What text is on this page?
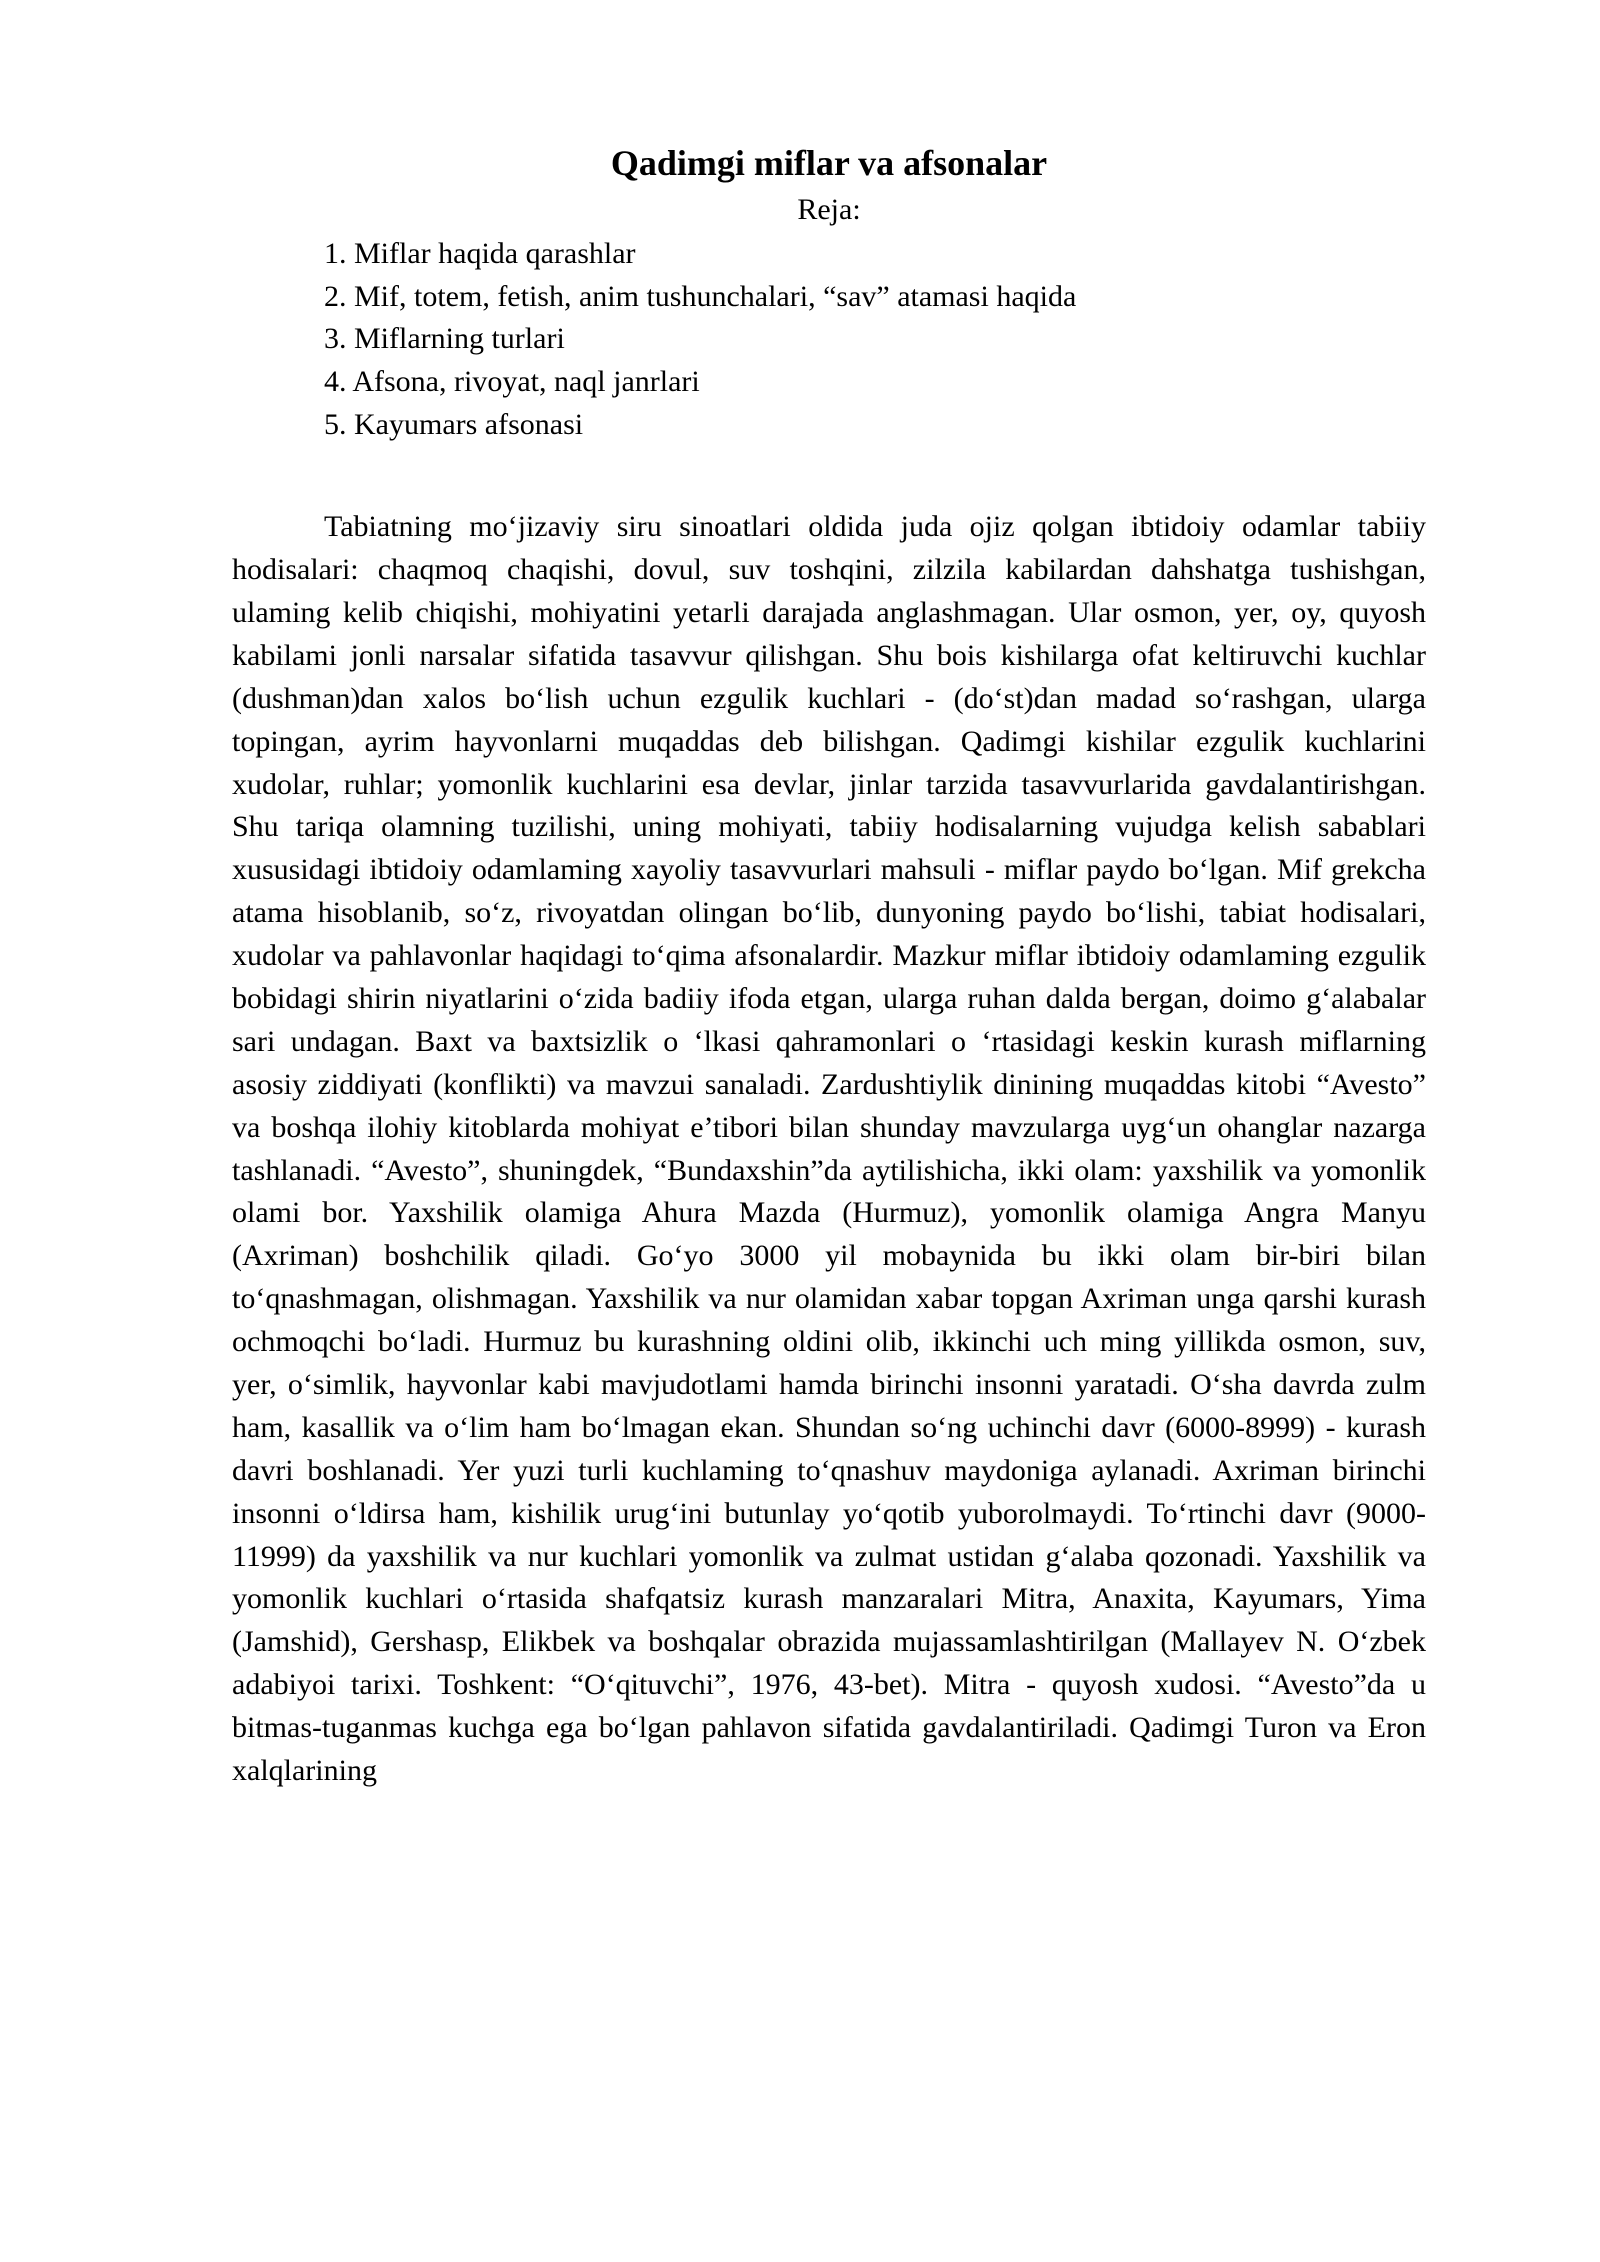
Qadimgi miflar va afsonalar

Reja:

1. Miflar haqida qarashlar
2. Mif, totem, fetish, anim tushunchalari, “sav” atamasi haqida
3. Miflarning turlari
4. Afsona, rivoyat, naql janrlari
5. Kayumars afsonasi

Tabiatning mo‘jizaviy siru sinoatlari oldida juda ojiz qolgan ibtidoiy odamlar tabiiy hodisalari: chaqmoq chaqishi, dovul, suv toshqini, zilzila kabilardan dahshatga tushishgan, ulaming kelib chiqishi, mohiyatini yetarli darajada anglashmagan. Ular osmon, yer, oy, quyosh kabilami jonli narsalar sifatida tasavvur qilishgan. Shu bois kishilarga ofat keltiruvchi kuchlar (dushman)dan xalos bo‘lish uchun ezgulik kuchlari - (do‘st)dan madad so‘rashgan, ularga topingan, ayrim hayvonlarni muqaddas deb bilishgan. Qadimgi kishilar ezgulik kuchlarini xudolar, ruhlar; yomonlik kuchlarini esa devlar, jinlar tarzida tasavvurlarida gavdalantirishgan. Shu tariqa olamning tuzilishi, uning mohiyati, tabiiy hodisalarning vujudga kelish sabablari xususidagi ibtidoiy odamlaming xayoliy tasavvurlari mahsuli - miflar paydo bo‘lgan. Mif grekcha atama hisoblanib, so‘z, rivoyatdan olingan bo‘lib, dunyoning paydo bo‘lishi, tabiat hodisalari, xudolar va pahlavonlar haqidagi to‘qima afsonalardir. Mazkur miflar ibtidoiy odamlaming ezgulik bobidagi shirin niyatlarini o‘zida badiiy ifoda etgan, ularga ruhan dalda bergan, doimo g‘alabalar sari undagan. Baxt va baxtsizlik o ‘lkasi qahramonlari o ‘rtasidagi keskin kurash miflarning asosiy ziddiyati (konflikti) va mavzui sanaladi. Zardushtiylik dinining muqaddas kitobi “Avesto” va boshqa ilohiy kitoblarda mohiyat e’tibori bilan shunday mavzularga uyg‘un ohanglar nazarga tashlanadi. “Avesto”, shuningdek, “Bundaxshin”da aytilishicha, ikki olam: yaxshilik va yomonlik olami bor. Yaxshilik olamiga Ahura Mazda (Hurmuz), yomonlik olamiga Angra Manyu (Axriman) boshchilik qiladi. Go‘yo 3000 yil mobaynida bu ikki olam bir-biri bilan to‘qnashmagan, olishmagan. Yaxshilik va nur olamidan xabar topgan Axriman unga qarshi kurash ochmoqchi bo‘ladi. Hurmuz bu kurashning oldini olib, ikkinchi uch ming yillikda osmon, suv, yer, o‘simlik, hayvonlar kabi mavjudotlami hamda birinchi insonni yaratadi. O‘sha davrda zulm ham, kasallik va o‘lim ham bo‘lmagan ekan. Shundan so‘ng uchinchi davr (6000-8999) - kurash davri boshlanadi. Yer yuzi turli kuchlaming to‘qnashuv maydoniga aylanadi. Axriman birinchi insonni o‘ldirsa ham, kishilik urug‘ini butunlay yo‘qotib yuborolmaydi. To‘rtinchi davr (9000-11999) da yaxshilik va nur kuchlari yomonlik va zulmat ustidan g‘alaba qozonadi. Yaxshilik va yomonlik kuchlari o‘rtasida shafqatsiz kurash manzaralari Mitra, Anaxita, Kayumars, Yima (Jamshid), Gershasp, Elikbek va boshqalar obrazida mujassamlashtirilgan (Mallayev N. O‘zbek adabiyoi tarixi. Toshkent: “O‘qituvchi”, 1976, 43-bet). Mitra - quyosh xudosi. “Avesto”da u bitmas-tuganmas kuchga ega bo‘lgan pahlavon sifatida gavdalantiriladi. Qadimgi Turon va Eron xalqlarining
